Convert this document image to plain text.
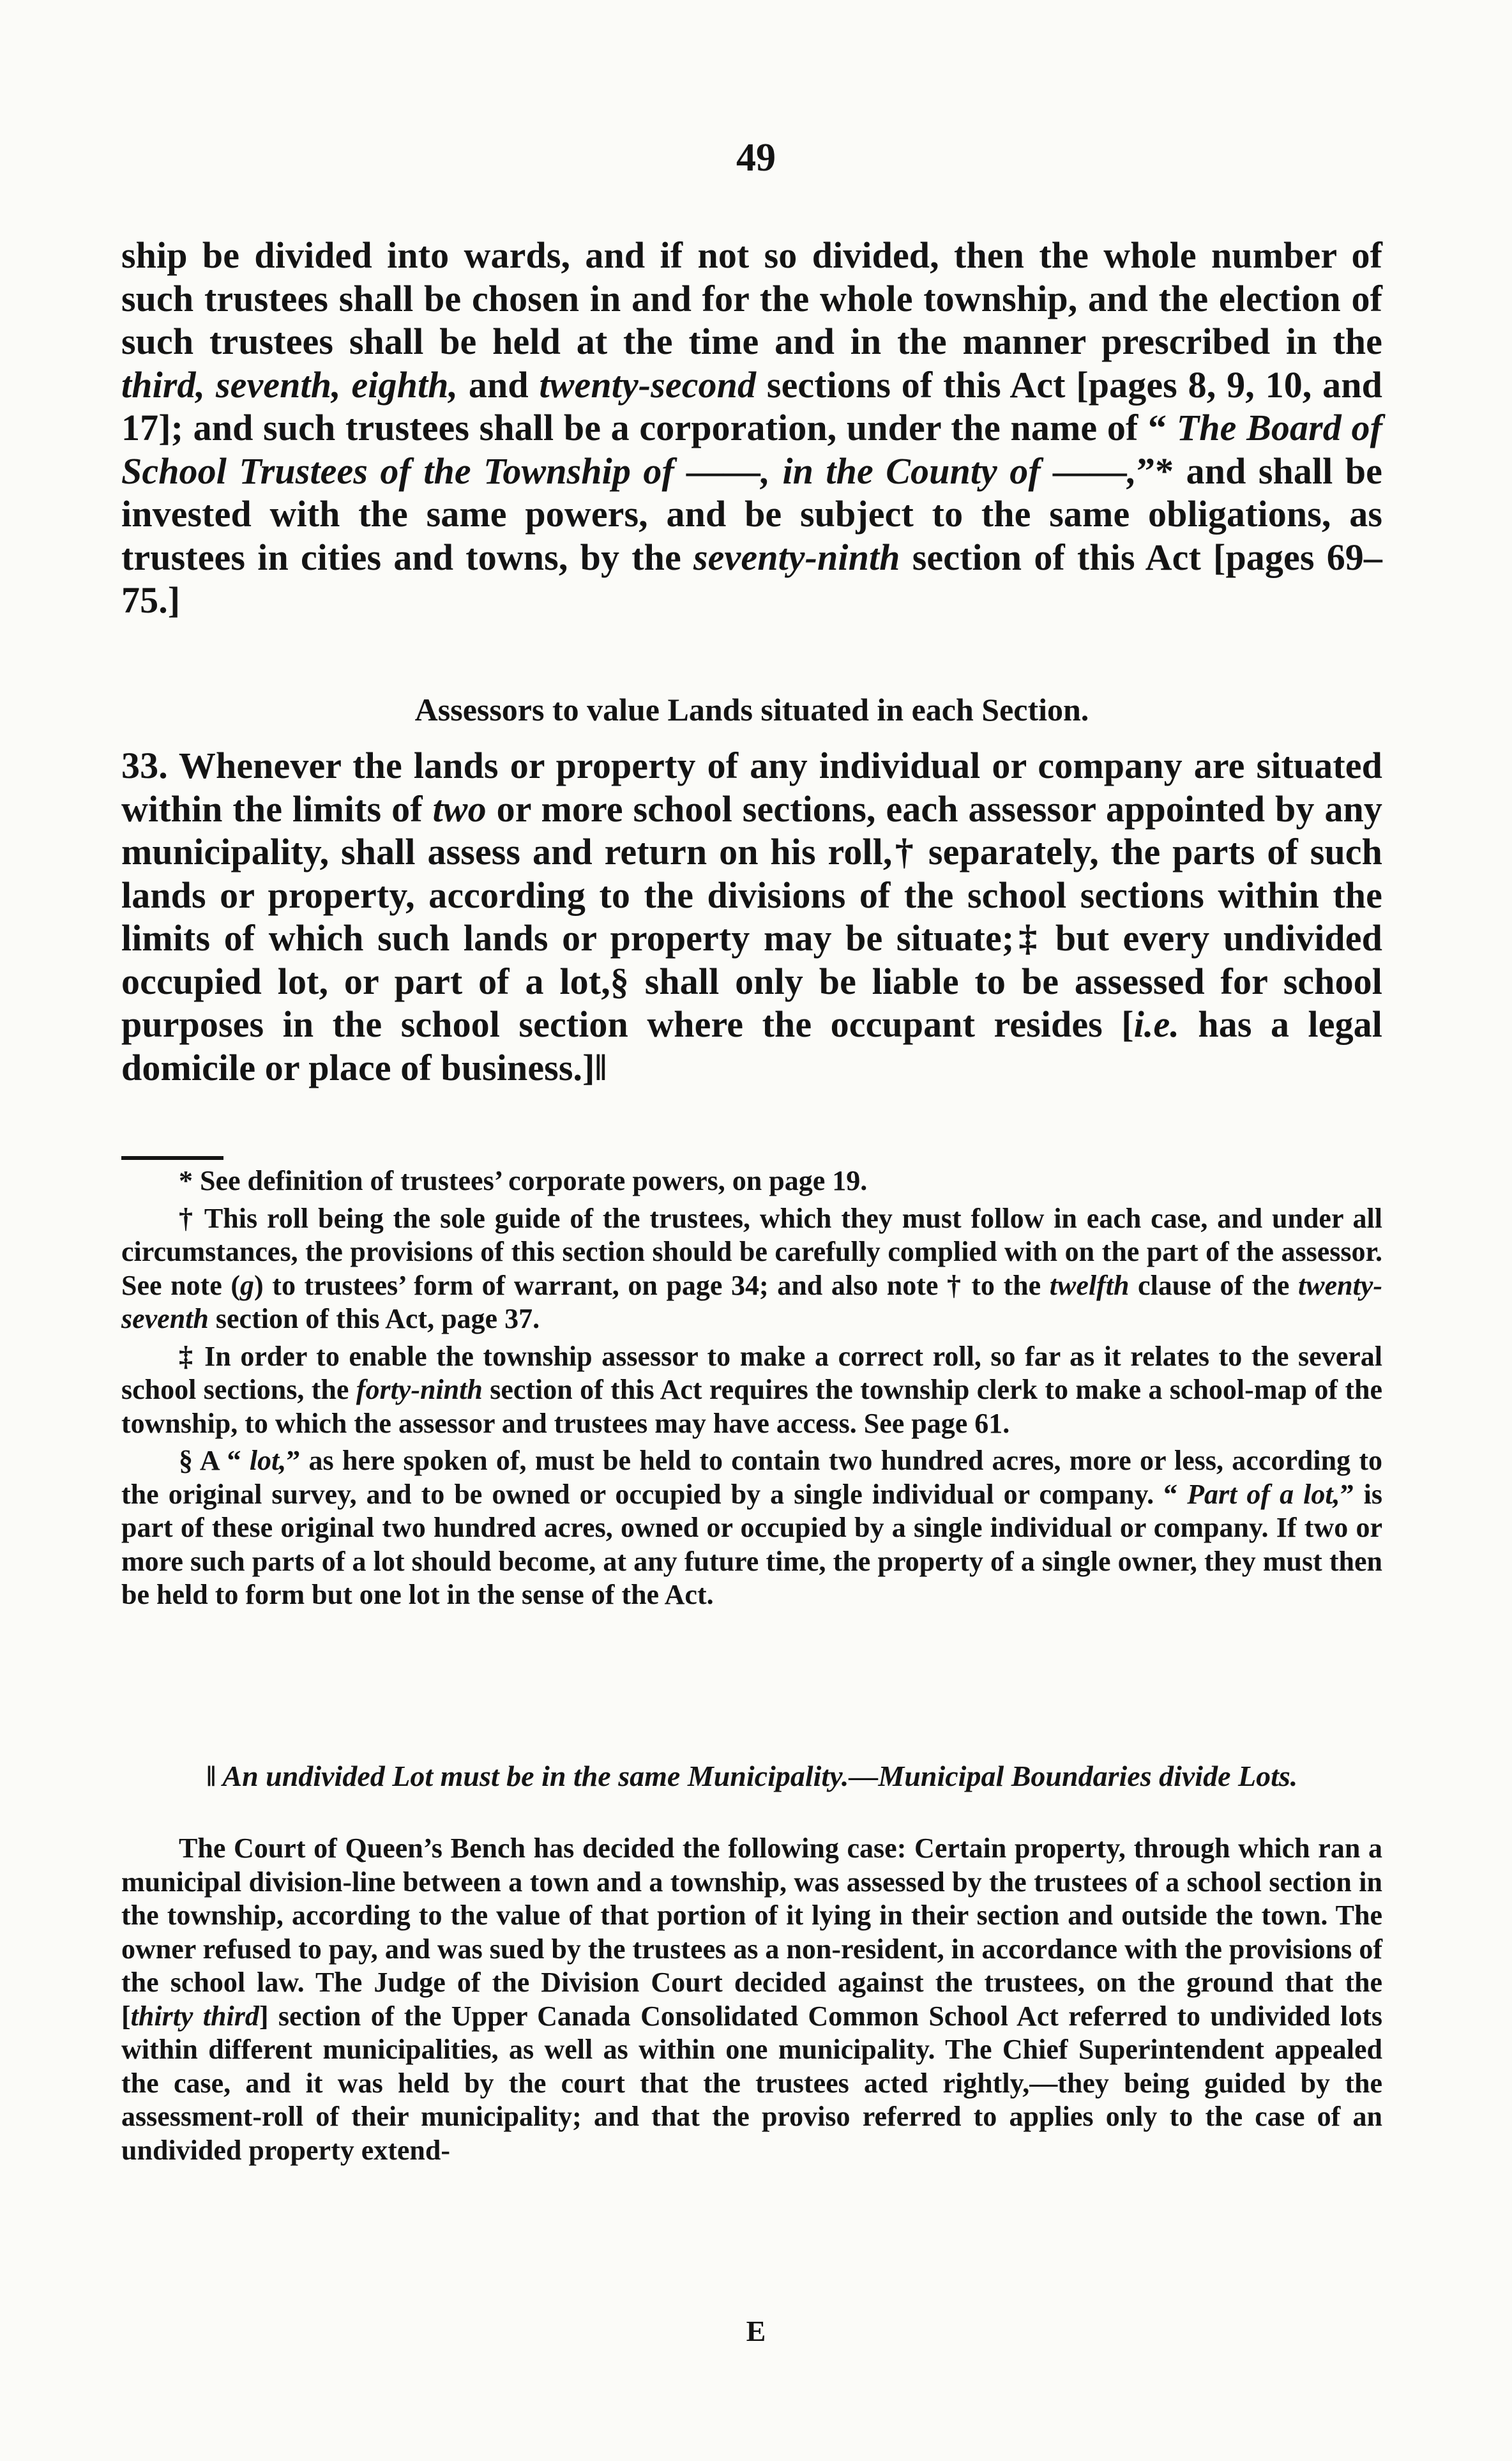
49

ship be divided into wards, and if not so divided, then the whole number of such trustees shall be chosen in and for the whole township, and the election of such trustees shall be held at the time and in the manner prescribed in the third, seventh, eighth, and twenty-second sections of this Act [pages 8, 9, 10, and 17]; and such trustees shall be a corporation, under the name of “ The Board of School Trustees of the Township of ——, in the County of ——,”* and shall be invested with the same powers, and be subject to the same obligations, as trustees in cities and towns, by the seventy-ninth section of this Act [pages 69–75.]

Assessors to value Lands situated in each Section.

33. Whenever the lands or property of any individual or company are situated within the limits of two or more school sections, each assessor appointed by any municipality, shall assess and return on his roll,† separately, the parts of such lands or property, according to the divisions of the school sections within the limits of which such lands or property may be situate;‡ but every undivided occupied lot, or part of a lot,§ shall only be liable to be assessed for school purposes in the school section where the occupant resides [i.e. has a legal domicile or place of business.]‖

* See definition of trustees’ corporate powers, on page 19.

† This roll being the sole guide of the trustees, which they must follow in each case, and under all circumstances, the provisions of this section should be carefully complied with on the part of the assessor. See note (g) to trustees’ form of warrant, on page 34; and also note † to the twelfth clause of the twenty-seventh section of this Act, page 37.

‡ In order to enable the township assessor to make a correct roll, so far as it relates to the several school sections, the forty-ninth section of this Act requires the township clerk to make a school-map of the township, to which the assessor and trustees may have access. See page 61.

§ A “ lot,” as here spoken of, must be held to contain two hundred acres, more or less, according to the original survey, and to be owned or occupied by a single individual or company. “ Part of a lot,” is part of these original two hundred acres, owned or occupied by a single individual or company. If two or more such parts of a lot should become, at any future time, the property of a single owner, they must then be held to form but one lot in the sense of the Act.

‖ An undivided Lot must be in the same Municipality.—Municipal Boundaries divide Lots.

The Court of Queen’s Bench has decided the following case: Certain property, through which ran a municipal division-line between a town and a township, was assessed by the trustees of a school section in the township, according to the value of that portion of it lying in their section and outside the town. The owner refused to pay, and was sued by the trustees as a non-resident, in accordance with the provisions of the school law. The Judge of the Division Court decided against the trustees, on the ground that the [thirty third] section of the Upper Canada Consolidated Common School Act referred to undivided lots within different municipalities, as well as within one municipality. The Chief Superintendent appealed the case, and it was held by the court that the trustees acted rightly,—they being guided by the assessment-roll of their municipality; and that the proviso referred to applies only to the case of an undivided property extend-

E
